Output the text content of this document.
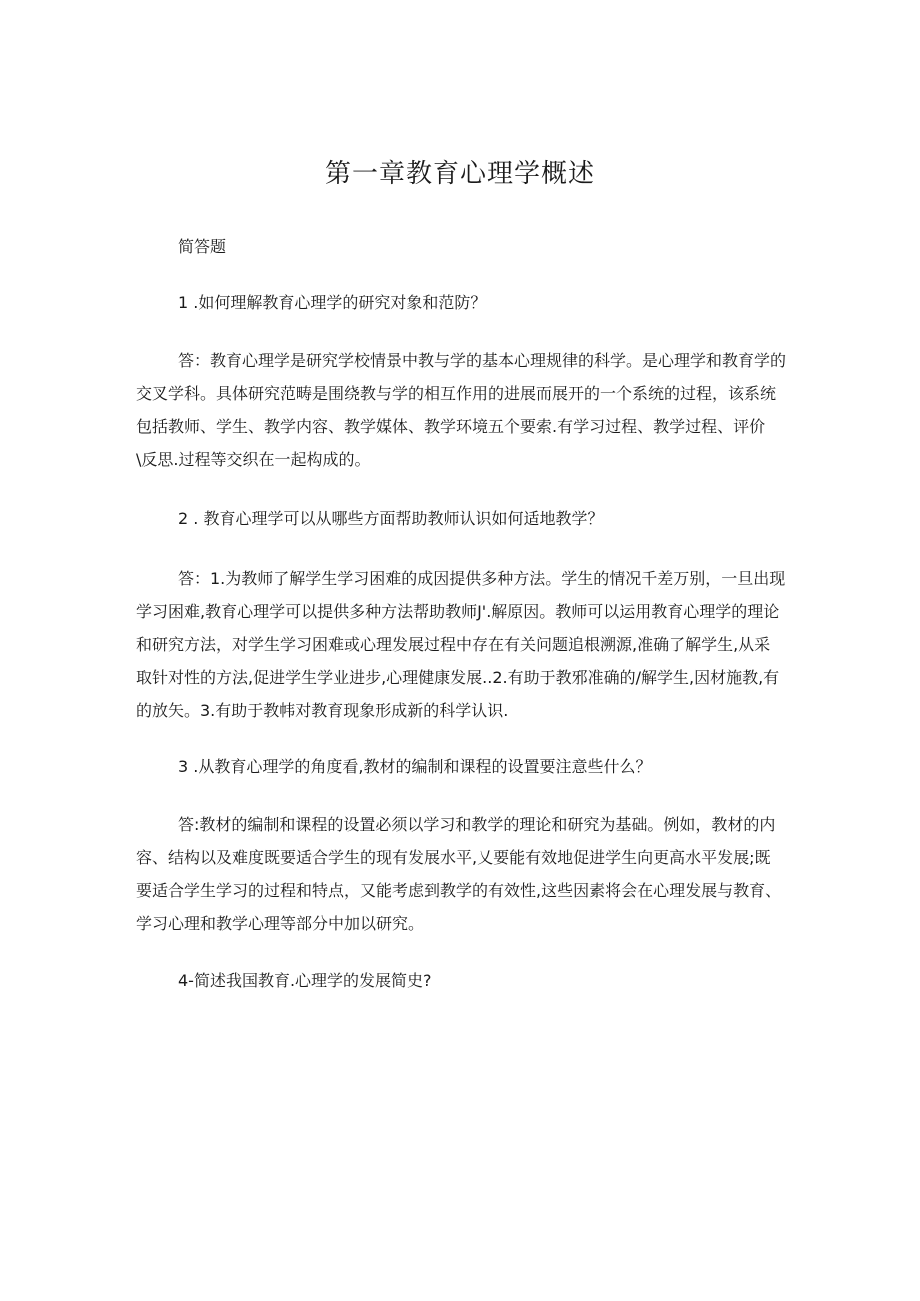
第一章教育心理学概述

简答题

1 .如何理解教育心理学的研究对象和范防？

答：教育心理学是研究学校情景中教与学的基本心理规律的科学。是心理学和教育学的交叉学科。具体研究范畴是围绕教与学的相互作用的进展而展开的一个系统的过程，该系统包括教师、学生、教学内容、教学媒体、教学环境五个要索.有学习过程、教学过程、评价\反思.过程等交织在一起构成的。

2 . 教育心理学可以从哪些方面帮助教师认识如何适地教学？

答：1.为教师了解学生学习困难的成因提供多种方法。学生的情况千差万别，一旦出现学习困难,教育心理学可以提供多种方法帮助教师J'.解原因。教师可以运用教育心理学的理论和研究方法，对学生学习困难或心理发展过程中存在有关问题追根溯源,准确了解学生,从采取针对性的方法,促进学生学业进步,心理健康发展..2.有助于教邪准确的/解学生,因材施教,有的放矢。3.有助于教帏对教育现象形成新的科学认识.

3 .从教育心理学的角度看,教材的编制和课程的设置要注意些什么？

答:教材的编制和课程的设置必须以学习和教学的理论和研究为基础。例如，教材的内容、结构以及难度既要适合学生的现有发展水平,乂要能有效地促进学生向更高水平发展;既要适合学生学习的过程和特点，又能考虑到教学的有效性,这些因素将会在心理发展与教育、学习心理和教学心理等部分中加以研究。

4-简述我国教育.心理学的发展简史?
